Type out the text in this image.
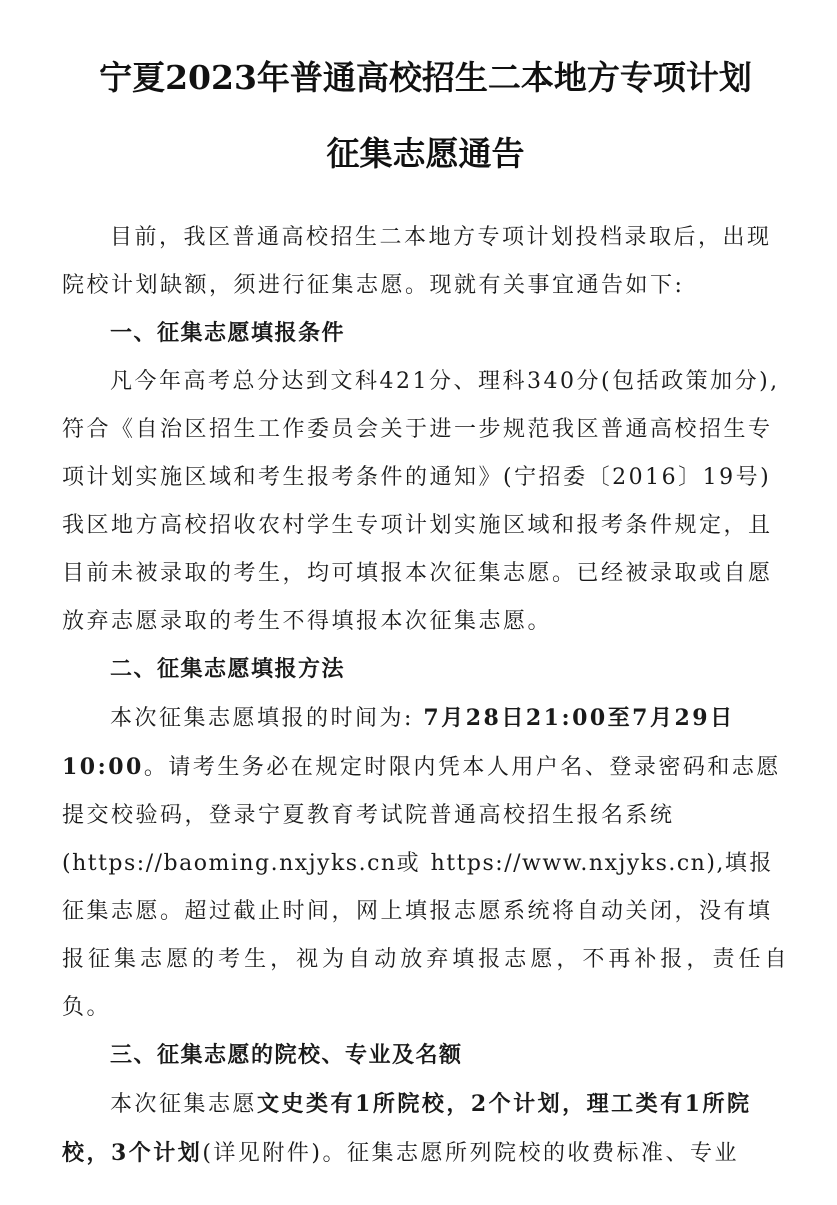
宁夏2023年普通高校招生二本地方专项计划
征集志愿通告

目前，我区普通高校招生二本地方专项计划投档录取后，出现

院校计划缺额，须进行征集志愿。现就有关事宜通告如下:

一、征集志愿填报条件

凡今年高考总分达到文科421分、理科340分(包括政策加分),

符合《自治区招生工作委员会关于进一步规范我区普通高校招生专

项计划实施区域和考生报考条件的通知》(宁招委〔2016〕19号)

我区地方高校招收农村学生专项计划实施区域和报考条件规定，且

目前未被录取的考生，均可填报本次征集志愿。已经被录取或自愿

放弃志愿录取的考生不得填报本次征集志愿。

二、征集志愿填报方法

本次征集志愿填报的时间为: 7月28日21:00至7月29日

10:00。请考生务必在规定时限内凭本人用户名、登录密码和志愿

提交校验码，登录宁夏教育考试院普通高校招生报名系统

(https://baoming.nxjyks.cn或 https://www.nxjyks.cn),填报

征集志愿。超过截止时间，网上填报志愿系统将自动关闭，没有填

报征集志愿的考生，视为自动放弃填报志愿，不再补报，责任自负。

三、征集志愿的院校、专业及名额

本次征集志愿文史类有1所院校，2个计划，理工类有1所院

校，3个计划(详见附件)。征集志愿所列院校的收费标准、专业
